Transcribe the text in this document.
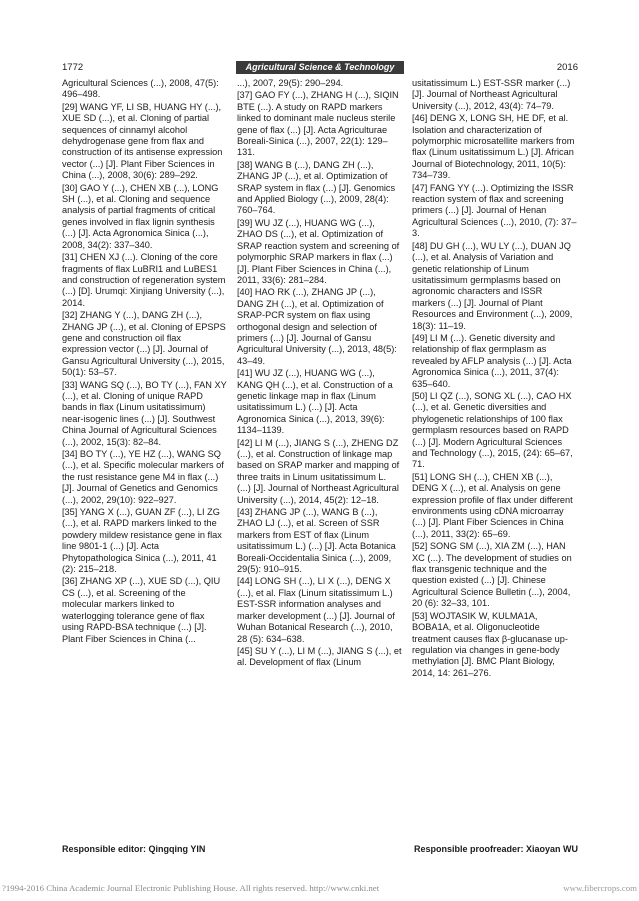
1772	Agricultural Science & Technology	2016

Agricultural Sciences (...), 2008, 47(5): 496–498.

[29] WANG YF, LI SB, HUANG HY (...), XUE SD (...), et al. Cloning of partial sequences of cinnamyl alcohol dehydrogenase gene from flax and construction of its antisense expression vector (...) [J]. Plant Fiber Sciences in China (...), 2008, 30(6): 289–292.

[30] GAO Y (...), CHEN XB (...), LONG SH (...), et al. Cloning and sequence analysis of partial fragments of critical genes involved in flax lignin synthesis (...) [J]. Acta Agronomica Sinica (...), 2008, 34(2): 337–340.

[31] CHEN XJ (...). Cloning of the core fragments of flax LuBRI1 and LuBES1 and construction of regeneration system (...) [D]. Urumqi: Xinjiang University (...), 2014.

[32] ZHANG Y (...), DANG ZH (...), ZHANG JP (...), et al. Cloning of EPSPS gene and construction oil flax expression vector (...) [J]. Journal of Gansu Agricultural University (...), 2015, 50(1): 53–57.

[33] WANG SQ (...), BO TY (...), FAN XY (...), et al. Cloning of unique RAPD bands in flax (Linum usitatissimum) near-isogenic lines (...) [J]. Southwest China Journal of Agricultural Sciences (...), 2002, 15(3): 82–84.

[34] BO TY (...), YE HZ (...), WANG SQ (...), et al. Specific molecular markers of the rust resistance gene M4 in flax (...) [J]. Journal of Genetics and Genomics (...), 2002, 29(10): 922–927.

[35] YANG X (...), GUAN ZF (...), LI ZG (...), et al. RAPD markers linked to the powdery mildew resistance gene in flax line 9801-1 (...) [J]. Acta Phytopathologica Sinica (...), 2011, 41 (2): 215–218.

[36] ZHANG XP (...), XUE SD (...), QIU CS (...), et al. Screening of the molecular markers linked to waterlogging tolerance gene of flax using RAPD-BSA technique (...) [J]. Plant Fiber Sciences in China (...

...), 2007, 29(5): 290–294.

[37] GAO FY (...), ZHANG H (...), SIQIN BTE (...). A study on RAPD markers linked to dominant male nucleus sterile gene of flax (...) [J]. Acta Agriculturae Boreali-Sinica (...), 2007, 22(1): 129–131.

[38] WANG B (...), DANG ZH (...), ZHANG JP (...), et al. Optimization of SRAP system in flax (...) [J]. Genomics and Applied Biology (...), 2009, 28(4): 760–764.

[39] WU JZ (...), HUANG WG (...), ZHAO DS (...), et al. Optimization of SRAP reaction system and screening of polymorphic SRAP markers in flax (...) [J]. Plant Fiber Sciences in China (...), 2011, 33(6): 281–284.

[40] HAO RK (...), ZHANG JP (...), DANG ZH (...), et al. Optimization of SRAP-PCR system on flax using orthogonal design and selection of primers (...) [J]. Journal of Gansu Agricultural University (...), 2013, 48(5): 43–49.

[41] WU JZ (...), HUANG WG (...), KANG QH (...), et al. Construction of a genetic linkage map in flax (Linum usitatissimum L.) (...) [J]. Acta Agronomica Sinica (...), 2013, 39(6): 1134–1139.

[42] LI M (...), JIANG S (...), ZHENG DZ (...), et al. Construction of linkage map based on SRAP marker and mapping of three traits in Linum usitatissimum L. (...) [J]. Journal of Northeast Agricultural University (...), 2014, 45(2): 12–18.

[43] ZHANG JP (...), WANG B (...), ZHAO LJ (...), et al. Screen of SSR markers from EST of flax (Linum usitatissimum L.) (...) [J]. Acta Botanica Boreali-Occidentalia Sinica (...), 2009, 29(5): 910–915.

[44] LONG SH (...), LI X (...), DENG X (...), et al. Flax (Linum sitatissimum L.) EST-SSR information analyses and marker development (...) [J]. Journal of Wuhan Botanical Research (...), 2010, 28 (5): 634–638.

[45] SU Y (...), LI M (...), JIANG S (...), et al. Development of flax (Linum

usitatissimum L.) EST-SSR marker (...) [J]. Journal of Northeast Agricultural University (...), 2012, 43(4): 74–79.

[46] DENG X, LONG SH, HE DF, et al. Isolation and characterization of polymorphic microsatellite markers from flax (Linum usitatissimum L.) [J]. African Journal of Biotechnology, 2011, 10(5): 734–739.

[47] FANG YY (...). Optimizing the ISSR reaction system of flax and screening primers (...) [J]. Journal of Henan Agricultural Sciences (...), 2010, (7): 37–3.

[48] DU GH (...), WU LY (...), DUAN JQ (...), et al. Analysis of Variation and genetic relationship of Linum usitatissimum germplasms based on agronomic characters and ISSR markers (...) [J]. Journal of Plant Resources and Environment (...), 2009, 18(3): 11–19.

[49] LI M (...). Genetic diversity and relationship of flax germplasm as revealed by AFLP analysis (...) [J]. Acta Agronomica Sinica (...), 2011, 37(4): 635–640.

[50] LI QZ (...), SONG XL (...), CAO HX (...), et al. Genetic diversities and phylogenetic relationships of 100 flax germplasm resources based on RAPD (...) [J]. Modern Agricultural Sciences and Technology (...), 2015, (24): 65–67, 71.

[51] LONG SH (...), CHEN XB (...), DENG X (...), et al. Analysis on gene expression profile of flax under different environments using cDNA microarray (...) [J]. Plant Fiber Sciences in China (...), 2011, 33(2): 65–69.

[52] SONG SM (...), XIA ZM (...), HAN XC (...). The development of studies on flax transgenic technique and the question existed (...) [J]. Chinese Agricultural Science Bulletin (...), 2004, 20 (6): 32–33, 101.

[53] WOJTASIK W, KULMA1A, BOBA1A, et al. Oligonucleotide treatment causes flax β-glucanase up-regulation via changes in gene-body methylation [J]. BMC Plant Biology, 2014, 14: 261–276.

Responsible editor: Qingqing YIN	Responsible proofreader: Xiaoyan WU
?1994-2016 China Academic Journal Electronic Publishing House. All rights reserved. http://www.cnki.net	www.fibercrops.com
